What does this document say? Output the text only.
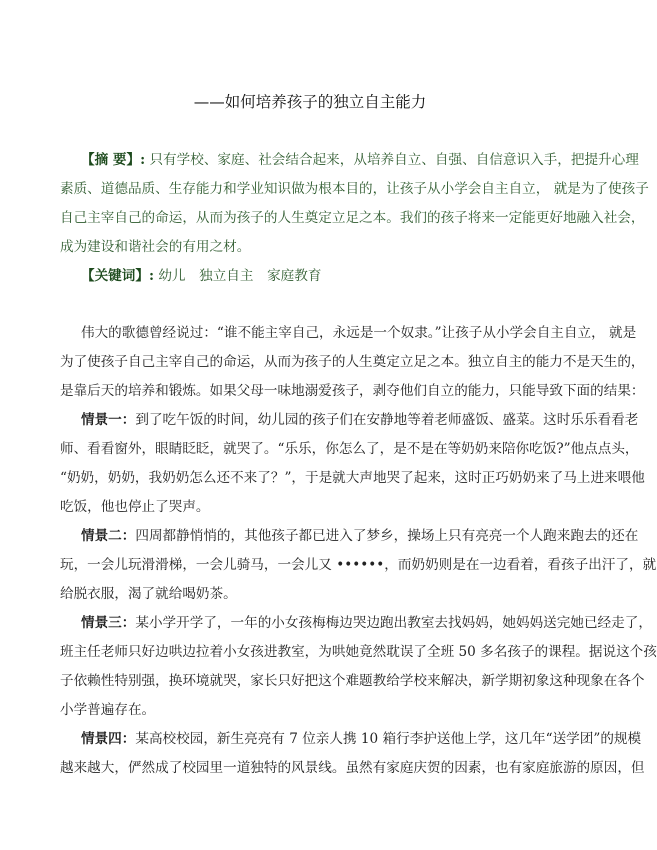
——如何培养孩子的独立自主能力
【摘 要】: 只有学校、家庭、社会结合起来，从培养自立、自强、自信意识入手，把提升心理
素质、道德品质、生存能力和学业知识做为根本目的，让孩子从小学会自主自立， 就是为了使孩子
自己主宰自己的命运，从而为孩子的人生奠定立足之本。我们的孩子将来一定能更好地融入社会，
成为建设和谐社会的有用之材。
【关键词】: 幼儿　独立自主　家庭教育
伟大的歌德曾经说过：“谁不能主宰自己，永远是一个奴隶。”让孩子从小学会自主自立， 就是
为了使孩子自己主宰自己的命运，从而为孩子的人生奠定立足之本。独立自主的能力不是天生的，
是靠后天的培养和锻炼。如果父母一味地溺爱孩子，剥夺他们自立的能力，只能导致下面的结果：
情景一：到了吃午饭的时间，幼儿园的孩子们在安静地等着老师盛饭、盛菜。这时乐乐看看老
师、看看窗外，眼睛眨眨，就哭了。“乐乐，你怎么了，是不是在等奶奶来陪你吃饭?”他点点头，
“奶奶，奶奶，我奶奶怎么还不来了？”，于是就大声地哭了起来，这时正巧奶奶来了马上进来喂他
吃饭，他也停止了哭声。
情景二：四周都静悄悄的，其他孩子都已进入了梦乡，操场上只有亮亮一个人跑来跑去的还在
玩，一会儿玩滑滑梯，一会儿骑马，一会儿又 ••••••，而奶奶则是在一边看着，看孩子出汗了，就
给脱衣服，渴了就给喝奶茶。
情景三：某小学开学了，一年的小女孩梅梅边哭边跑出教室去找妈妈，她妈妈送完她已经走了，
班主任老师只好边哄边拉着小女孩进教室，为哄她竟然耽误了全班 50 多名孩子的课程。据说这个孩
子依赖性特别强，换环境就哭，家长只好把这个难题教给学校来解决，新学期初象这种现象在各个
小学普遍存在。
情景四：某高校校园，新生亮亮有 7 位亲人携 10 箱行李护送他上学，这几年“送学团”的规模
越来越大，俨然成了校园里一道独特的风景线。虽然有家庭庆贺的因素，也有家庭旅游的原因，但
